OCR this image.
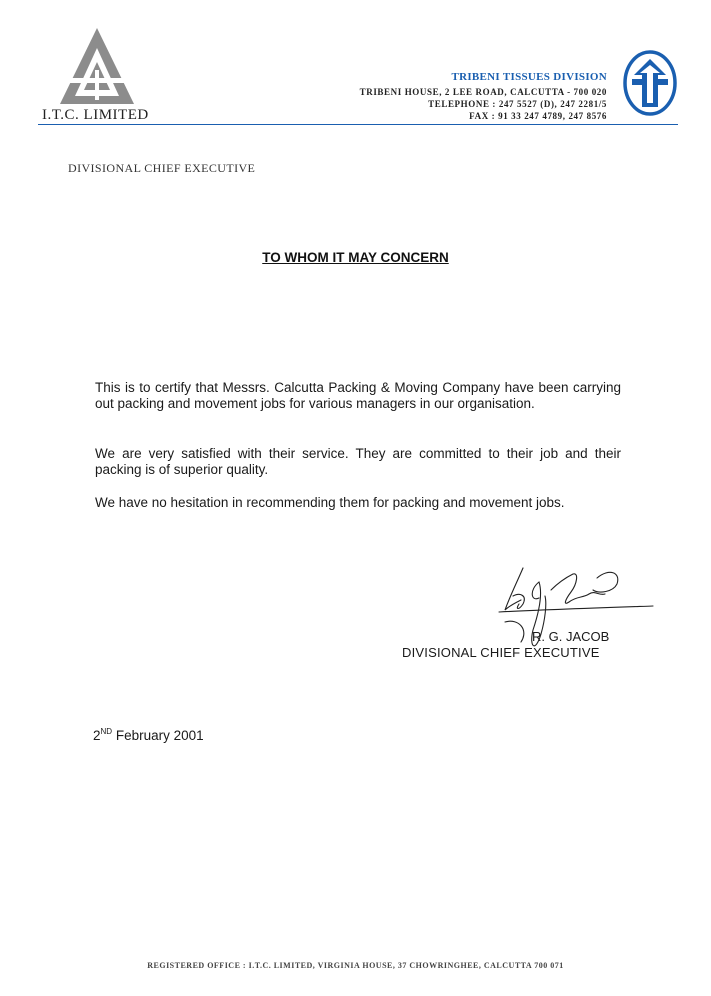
I.T.C. LIMITED
TRIBENI TISSUES DIVISION
TRIBENI HOUSE, 2 LEE ROAD, CALCUTTA - 700 020
TELEPHONE : 247 5527 (D), 247 2281/5
FAX : 91 33 247 4789, 247 8576
DIVISIONAL CHIEF EXECUTIVE
TO WHOM IT MAY CONCERN
This is to certify that Messrs. Calcutta Packing & Moving Company have been carrying out packing and movement jobs for various managers in our organisation.
We are very satisfied with their service. They are committed to their job and their packing is of superior quality.
We have no hesitation in recommending them for packing and movement jobs.
R. G. JACOB
DIVISIONAL CHIEF EXECUTIVE
2ND February 2001
REGISTERED OFFICE : I.T.C. LIMITED, VIRGINIA HOUSE, 37 CHOWRINGHEE, CALCUTTA 700 071
